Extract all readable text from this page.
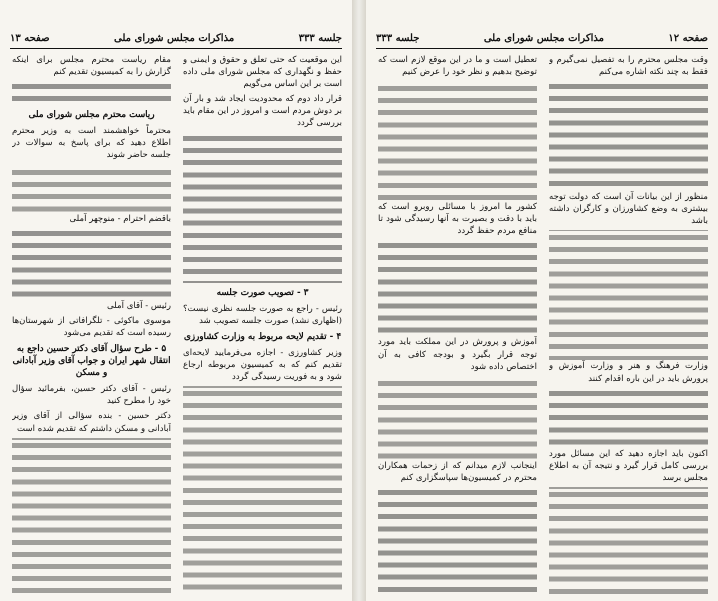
جلسه ۳۳۳
مذاکرات مجلس شورای ملی
صفحه ۱۳

این موقعیت که حتی تعلق و حقوق و ایمنی و حفظ و نگهداری که مجلس شورای ملی داده است بر این اساس می‌گویم

قرار داد دوم که محدودیت ایجاد شد و بار آن بر دوش مردم است و امروز در این مقام باید بررسی گردد

۳ - تصویب صورت جلسه

رئیس - راجع به صورت جلسه نظری نیست؟ (اظهاری نشد) صورت جلسه تصویب شد

۴ - تقدیم لایحه مربوط به وزارت کشاورزی

وزیر کشاورزی - اجازه می‌فرمایید لایحه‌ای تقدیم کنم که به کمیسیون مربوطه ارجاع شود و به فوریت رسیدگی گردد

مقام ریاست محترم مجلس برای اینکه گزارش را به کمیسیون تقدیم کنم

ریاست محترم مجلس شورای ملی

محترماً خواهشمند است به وزیر محترم اطلاع دهید که برای پاسخ به سوالات در جلسه حاضر شوند

باقضم احترام - منوچهر آملی

رئیس - آقای آملی

موسوی ماکوئی - تلگرافاتی از شهرستان‌ها رسیده است که تقدیم می‌شود

۵ - طرح سؤال آقای دکتر حسین داجع به انتقال شهر ایران و جواب آقای وزیر آبادانی و مسکن

رئیس - آقای دکتر حسین، بفرمائید سؤال خود را مطرح کنید

دکتر حسین - بنده سؤالی از آقای وزیر آبادانی و مسکن داشتم که تقدیم شده است

صفحه ۱۲
مذاکرات مجلس شورای ملی
جلسه ۳۳۳

وقت مجلس محترم را به تفصیل نمی‌گیرم و فقط به چند نکته اشاره می‌کنم

منظور از این بیانات آن است که دولت توجه بیشتری به وضع کشاورزان و کارگران داشته باشد

وزارت فرهنگ و هنر و وزارت آموزش و پرورش باید در این باره اقدام کنند

اکنون باید اجازه دهید که این مسائل مورد بررسی کامل قرار گیرد و نتیجه آن به اطلاع مجلس برسد

تعطیل است و ما در این موقع لازم است که توضیح بدهیم و نظر خود را عرض کنیم

کشور ما امروز با مسائلی روبرو است که باید با دقت و بصیرت به آنها رسیدگی شود تا منافع مردم حفظ گردد

آموزش و پرورش در این مملکت باید مورد توجه قرار بگیرد و بودجه کافی به آن اختصاص داده شود

اینجانب لازم میدانم که از زحمات همکاران محترم در کمیسیون‌ها سپاسگزاری کنم
